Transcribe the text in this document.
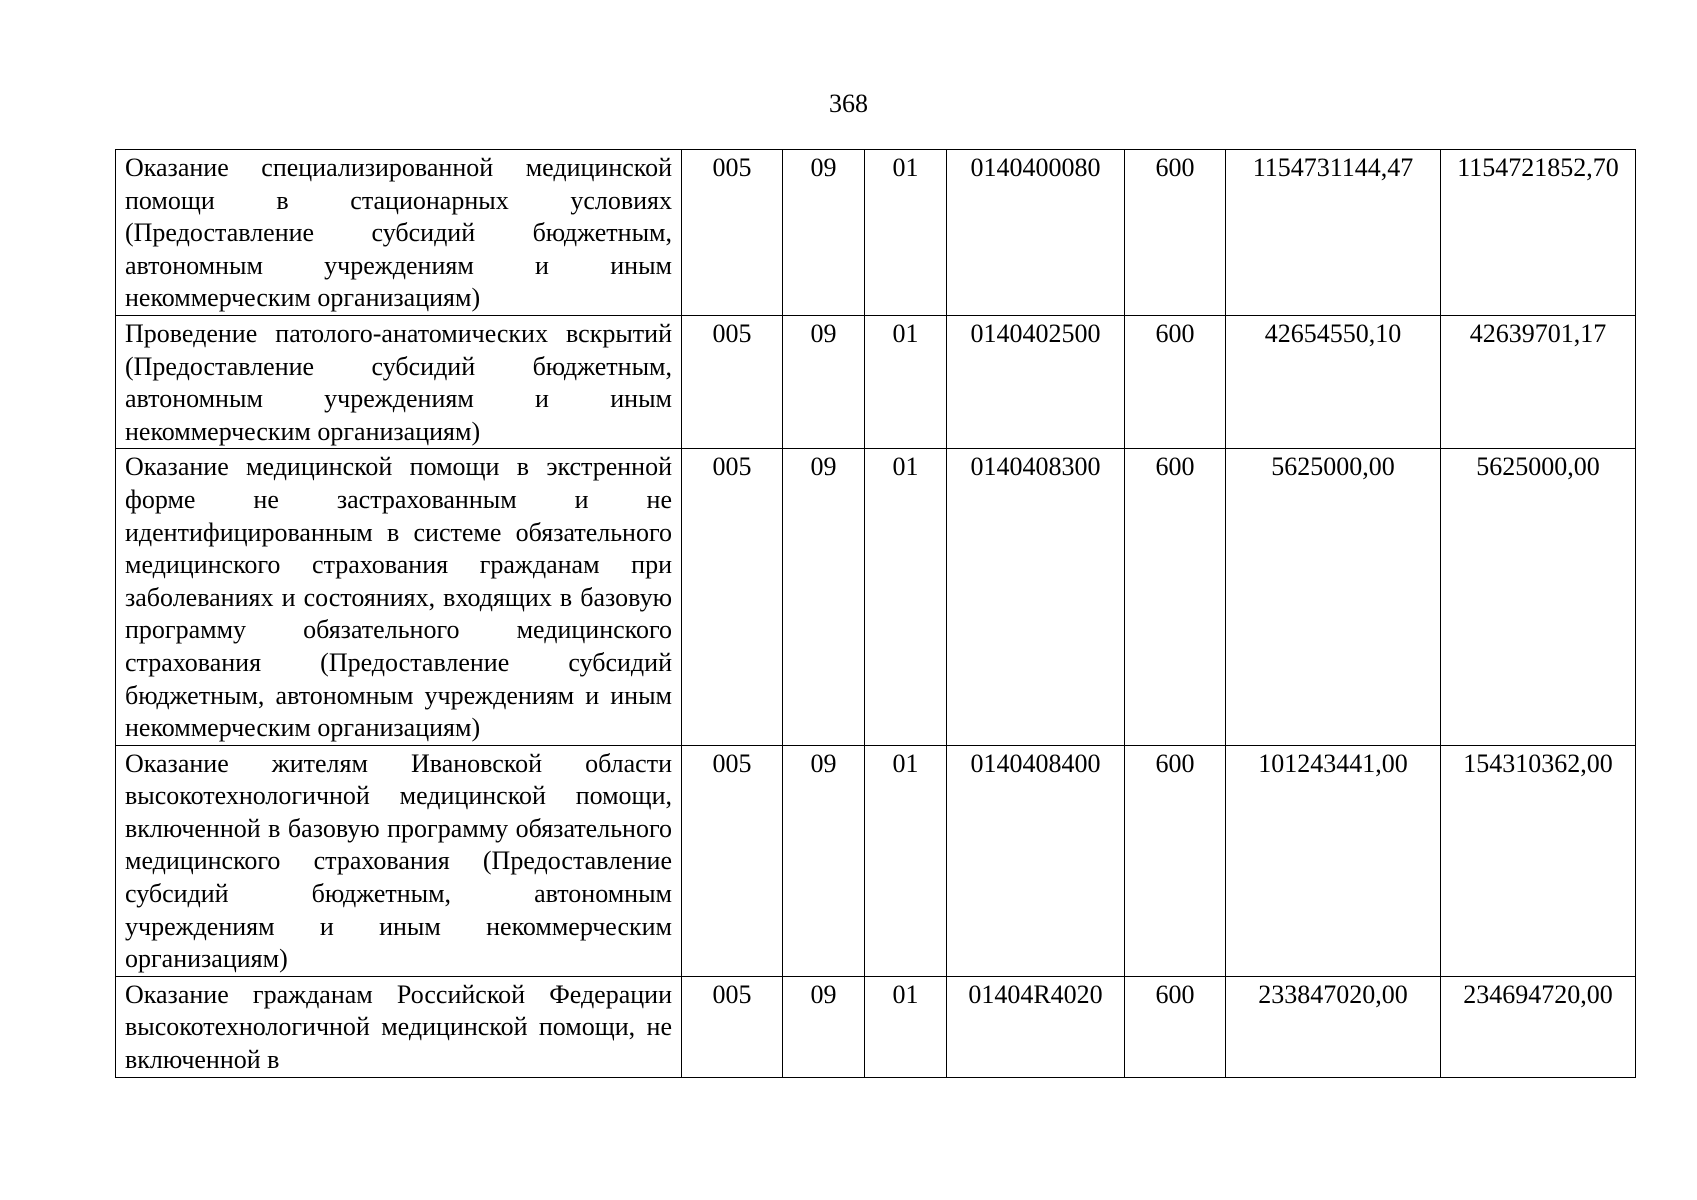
368
Оказание специализированной медицинской помощи в стационарных условиях (Предоставление субсидий бюджетным, автономным учреждениям и иным некоммерческим организациям)	005	09	01	0140400080	600	1154731144,47	1154721852,70
Проведение патолого-анатомических вскрытий (Предоставление субсидий бюджетным, автономным учреждениям и иным некоммерческим организациям)	005	09	01	0140402500	600	42654550,10	42639701,17
Оказание медицинской помощи в экстренной форме не застрахованным и не идентифицированным в системе обязательного медицинского страхования гражданам при заболеваниях и состояниях, входящих в базовую программу обязательного медицинского страхования (Предоставление субсидий бюджетным, автономным учреждениям и иным некоммерческим организациям)	005	09	01	0140408300	600	5625000,00	5625000,00
Оказание жителям Ивановской области высокотехнологичной медицинской помощи, включенной в базовую программу обязательного медицинского страхования (Предоставление субсидий бюджетным, автономным учреждениям и иным некоммерческим организациям)	005	09	01	0140408400	600	101243441,00	154310362,00
Оказание гражданам Российской Федерации высокотехнологичной медицинской помощи, не включенной в	005	09	01	01404R4020	600	233847020,00	234694720,00
